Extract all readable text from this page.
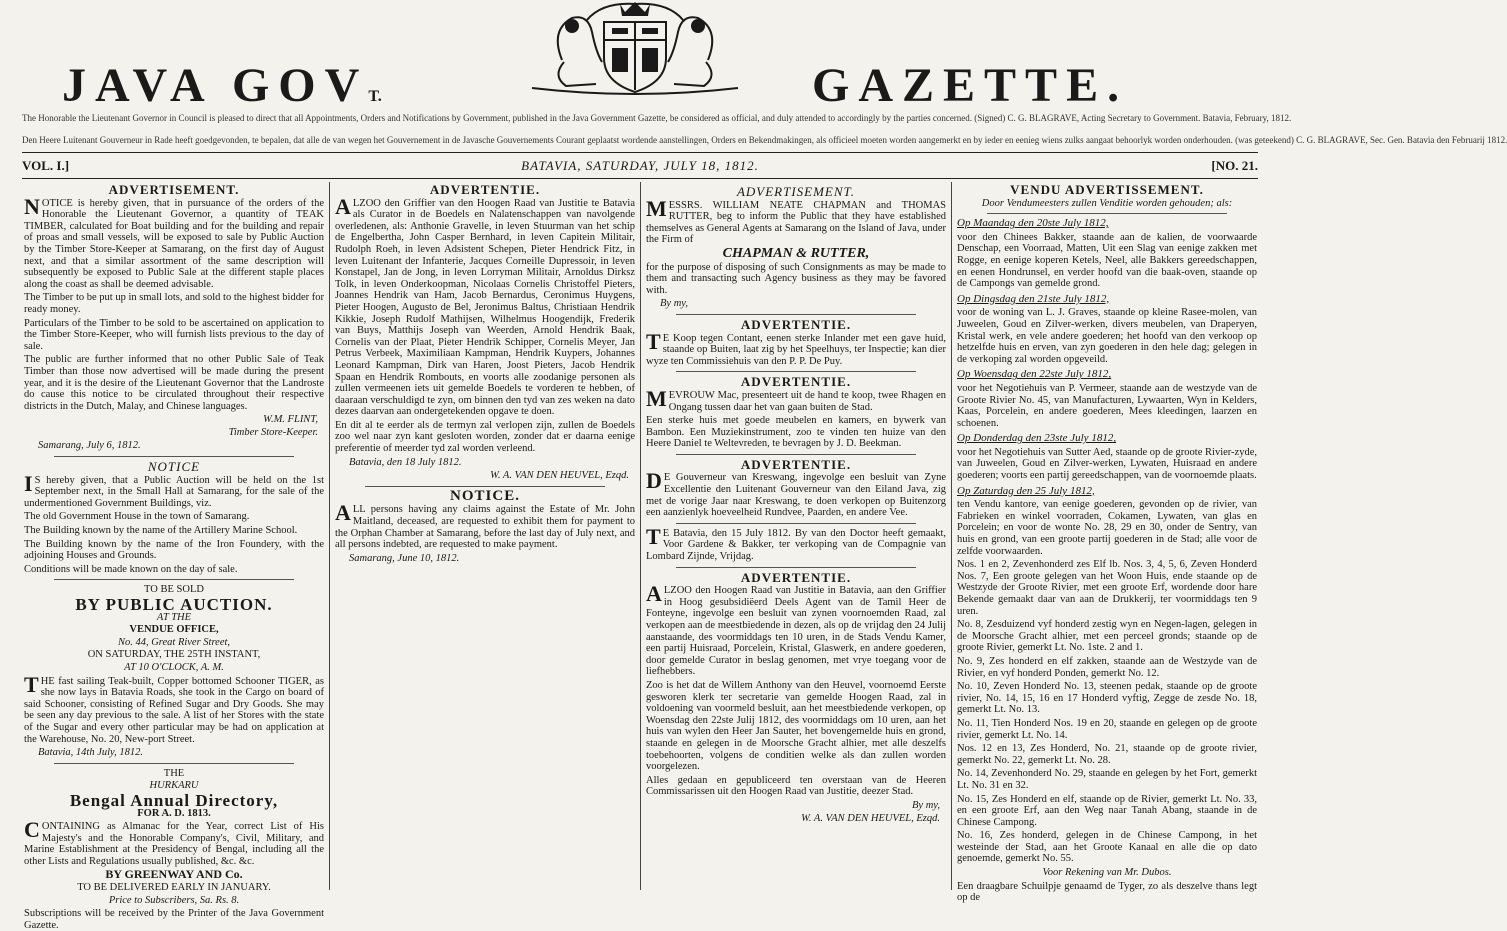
JAVA GOVT.	GAZETTE.
The Honorable the Lieutenant Governor in Council is pleased to direct that all Appointments, Orders and Notifications by Government, published in the Java Government Gazette, be considered as official, and duly attended to accordingly by the parties concerned. (Signed) C. G. BLAGRAVE, Acting Secretary to Government. Batavia, February, 1812.
Den Heere Luitenant Gouverneur in Rade heeft goedgevonden, te bepalen, dat alle de van wegen het Gouvernement in de Javasche Gouvernements Courant geplaatst wordende aanstellingen, Orders en Bekendmakingen, als officieel moeten worden aangemerkt en by ieder en eenieg wiens zulks aangaat behoorlyk worden onderhouden. (was geteekend) C. G. BLAGRAVE, Sec. Gen. Batavia den Februarij 1812.
BATAVIA, SATURDAY, JULY 18, 1812.
VOL. I.]	[NO. 21.
ADVERTISEMENT.

NOTICE is hereby given, that in pursuance of the orders of the Honorable the Lieutenant Governor, a quantity of TEAK TIMBER, calculated for Boat building and for the building and repair of proas and small vessels, will be exposed to sale by Public Auction by the Timber Store-Keeper at Samarang, on the first day of August next, and that a similar assortment of the same description will subsequently be exposed to Public Sale at the different staple places along the coast as shall be deemed advisable.

The Timber to be put up in small lots, and sold to the highest bidder for ready money.

Particulars of the Timber to be sold to be ascertained on application to the Timber Store-Keeper, who will furnish lists previous to the day of sale.

The public are further informed that no other Public Sale of Teak Timber than those now advertised will be made during the present year, and it is the desire of the Lieutenant Governor that the Landroste do cause this notice to be circulated throughout their respective districts in the Dutch, Malay, and Chinese languages.

W.M. FLINT,
Timber Store-Keeper.
Samarang, July 6, 1812.
NOTICE

IS hereby given, that a Public Auction will be held on the 1st September next, in the Small Hall at Samarang, for the sale of the undermentioned Government Buildings, viz.

The old Government House in the town of Samarang.

The Building known by the name of the Artillery Marine School.

The Building known by the name of the Iron Foundery, with the adjoining Houses and Grounds.

Conditions will be made known on the day of sale.

TO BE SOLD
BY PUBLIC AUCTION.
AT THE
VENDUE OFFICE,
No. 44, Great River Street,
ON SATURDAY, THE 25TH INSTANT,
AT 10 O'CLOCK, A. M.

THE fast sailing Teak-built, Copper bottomed Schooner TIGER, as she now lays in Batavia Roads, she took in the Cargo on board of said Schooner, consisting of Refined Sugar and Dry Goods. She may be seen any day previous to the sale. A list of her Stores with the state of the Sugar and every other particular may be had on application at the Warehouse, No. 20, New-port Street.

Batavia, 14th July, 1812.
THE
HURKARU
Bengal Annual Directory,
FOR A. D. 1813.

CONTAINING as Almanac for the Year, correct List of His Majesty's and the Honorable Company's, Civil, Military, and Marine Establishment at the Presidency of Bengal, including all the other Lists and Regulations usually published, &c. &c.

BY GREENWAY AND Co.
TO BE DELIVERED EARLY IN JANUARY.
Price to Subscribers, Sa. Rs. 8.

Subscriptions will be received by the Printer of the Java Government Gazette.

ADVERTENTIE.

ALZOO den Griffier van den Hoogen Raad van Justitie te Batavia als Curator in de Boedels en Nalatenschappen van navolgende overledenen, als: Anthonie Gravelle, in leven Stuurman van het schip de Engelbertha, John Casper Bernhard, in leven Capitein Militair, Rudolph Roeh, in leven Adsistent Schepen, Pieter Hendrick Fitz, in leven Luitenant der Infanterie, Jacques Corneille Dupressoir, in leven Konstapel, Jan de Jong, in leven Lorryman Militair, Arnoldus Dirksz Tolk, in leven Onderkoopman, Nicolaas Cornelis Christoffel Pieters, Joannes Hendrik van Ham, Jacob Bernardus, Ceronimus Huygens, Pieter Hoogen, Augusto de Bel, Jeronimus Baltus, Christiaan Hendrik Kikkie, Joseph Rudolf Mathijsen, Wilhelmus Hoogendijk, Frederik van Buys, Matthijs Joseph van Weerden, Arnold Hendrik Baak, Cornelis van der Plaat, Pieter Hendrik Schipper, Cornelis Meyer, Jan Petrus Verbeek, Maximiliaan Kampman, Hendrik Kuypers, Johannes Leonard Kampman, Dirk van Haren, Joost Pieters, Jacob Hendrik Spaan en Hendrik Rombouts, en voorts alle zoodanige personen als zullen vermeenen iets uit gemelde Boedels te vorderen te hebben, of daaraan verschuldigd te zyn, om binnen den tyd van zes weken na dato dezes daarvan aan ondergetekenden opgave te doen.

En dit al te eerder als de termyn zal verlopen zijn, zullen de Boedels zoo wel naar zyn kant gesloten worden, zonder dat er daarna eenige preferentie of meerder tyd zal worden verleend.

Batavia, den 18 July 1812.
W. A. VAN DEN HEUVEL, Ezqd.
NOTICE.

ALL persons having any claims against the Estate of Mr. John Maitland, deceased, are requested to exhibit them for payment to the Orphan Chamber at Samarang, before the last day of July next, and all persons indebted, are requested to make payment.

Samarang, June 10, 1812.
ADVERTISEMENT.

MESSRS. WILLIAM NEATE CHAPMAN and THOMAS RUTTER, beg to inform the Public that they have established themselves as General Agents at Samarang on the Island of Java, under the Firm of

CHAPMAN & RUTTER,

for the purpose of disposing of such Consignments as may be made to them and transacting such Agency business as they may be favored with.

By my,
ADVERTENTIE.

TE Koop tegen Contant, eenen sterke Inlander met een gave huid, staande op Buiten, laat zig by het Speelhuys, ter Inspectie; kan dier wyze ten Commissiehuis van den P. P. De Puy.

ADVERTENTIE.

MEVROUW Mac, presenteert uit de hand te koop, twee Rhagen en Ongang tussen daar het van gaan buiten de Stad.

Een sterke huis met goede meubelen en kamers, en bywerk van Bambon. Een Muziekinstrument, zoo te vinden ten huize van den Heere Daniel te Weltevreden, te bevragen by J. D. Beekman.

ADVERTENTIE.

DE Gouverneur van Kreswang, ingevolge een besluit van Zyne Excellentie den Luitenant Gouverneur van den Eiland Java, zig met de vorige Jaar naar Kreswang, te doen verkopen op Buitenzorg een aanzienlyk hoeveelheid Rundvee, Paarden, en andere Vee.

TE Batavia, den 15 July 1812. By van den Doctor heeft gemaakt, Voor Gardene & Bakker, ter verkoping van de Compagnie van Lombard Zijnde, Vrijdag.

ADVERTENTIE.

ALZOO den Hoogen Raad van Justitie in Batavia, aan den Griffier in Hoog gesubsidiëerd Deels Agent van de Tamil Heer de Fonteyne, ingevolge een besluit van zynen voornoemden Raad, zal verkopen aan de meestbiedende in dezen, als op de vrijdag den 24 Julij aanstaande, des voormiddags ten 10 uren, in de Stads Vendu Kamer, een partij Huisraad, Porcelein, Kristal, Glaswerk, en andere goederen, door gemelde Curator in beslag genomen, met vrye toegang voor de liefhebbers.

Zoo is het dat de Willem Anthony van den Heuvel, voornoemd Eerste gesworen klerk ter secretarie van gemelde Hoogen Raad, zal in voldoening van voormeld besluit, aan het meestbiedende verkopen, op Woensdag den 22ste Julij 1812, des voormiddags om 10 uren, aan het huis van wylen den Heer Jan Sauter, het bovengemelde huis en grond, staande en gelegen in de Moorsche Gracht alhier, met alle deszelfs toebehoorten, volgens de conditien welke als dan zullen worden voorgelezen.

Alles gedaan en gepubliceerd ten overstaan van de Heeren Commissarissen uit den Hoogen Raad van Justitie, deezer Stad.

By my,
W. A. VAN DEN HEUVEL, Ezqd.
VENDU ADVERTISSEMENT.
Door Vendumeesters zullen Venditie worden gehouden; als:
Op Maandag den 20ste July 1812,

voor den Chinees Bakker, staande aan de kalien, de voorwaarde Denschap, een Voorraad, Matten, Uit een Slag van eenige zakken met Rogge, en eenige koperen Ketels, Neel, alle Bakkers gereedschappen, en eenen Hondrunsel, en verder hoofd van die baak-oven, staande op de Campongs van gemelde grond.

Op Dingsdag den 21ste July 1812,

voor de woning van L. J. Graves, staande op kleine Rasee-molen, van Juweelen, Goud en Zilver-werken, divers meubelen, van Draperyen, Kristal werk, en vele andere goederen; het hoofd van den verkoop op hetzelfde huis en erven, van zyn goederen in den hele dag; gelegen in de verkoping zal worden opgeveild.

Op Woensdag den 22ste July 1812,

voor het Negotiehuis van P. Vermeer, staande aan de westzyde van de Groote Rivier No. 45, van Manufacturen, Lywaarten, Wyn in Kelders, Kaas, Porcelein, en andere goederen, Mees kleedingen, laarzen en schoenen.

Op Donderdag den 23ste July 1812,

voor het Negotiehuis van Sutter Aed, staande op de groote Rivier-zyde, van Juweelen, Goud en Zilver-werken, Lywaten, Huisraad en andere goederen; voorts een partij gereedschappen, van de voornoemde plaats.

Op Zaturdag den 25 July 1812,

ten Vendu kantore, van eenige goederen, gevonden op de rivier, van Fabrieken en winkel voorraden, Cokamen, Lywaten, van glas en Porcelein; en voor de wonte No. 28, 29 en 30, onder de Sentry, van huis en grond, van een groote partij goederen in de Stad; alle voor de zelfde voorwaarden.

Nos. 1 en 2, Zevenhonderd zes Elf lb. Nos. 3, 4, 5, 6, Zeven Honderd Nos. 7, Een groote gelegen van het Woon Huis, ende staande op de Westzyde der Groote Rivier, met een groote Erf, wordende door hare Bekende gemaakt daar van aan de Drukkerij, ter voormiddags ten 9 uren.

No. 8, Zesduizend vyf honderd zestig wyn en Negen-lagen, gelegen in de Moorsche Gracht alhier, met een perceel gronds; staande op de groote Rivier, gemerkt Lt. No. 1ste. 2 and 1.

No. 9, Zes honderd en elf zakken, staande aan de Westzyde van de Rivier, en vyf honderd Ponden, gemerkt No. 12.

No. 10, Zeven Honderd No. 13, steenen pedak, staande op de groote rivier, No. 14, 15, 16 en 17 Honderd vyftig, Zegge de zesde No. 18, gemerkt Lt. No. 13.

No. 11, Tien Honderd Nos. 19 en 20, staande en gelegen op de groote rivier, gemerkt Lt. No. 14.

Nos. 12 en 13, Zes Honderd, No. 21, staande op de groote rivier, gemerkt No. 22, gemerkt Lt. No. 28.

No. 14, Zevenhonderd No. 29, staande en gelegen by het Fort, gemerkt Lt. No. 31 en 32.

No. 15, Zes Honderd en elf, staande op de Rivier, gemerkt Lt. No. 33, en een groote Erf, aan den Weg naar Tanah Abang, staande in de Chinese Campong.

No. 16, Zes honderd, gelegen in de Chinese Campong, in het westeinde der Stad, aan het Groote Kanaal en alle die op dato genoemde, gemerkt No. 55.

Voor Rekening van Mr. Dubos.

Een draagbare Schuilpje genaamd de Tyger, zo als deszelve thans legt op de
